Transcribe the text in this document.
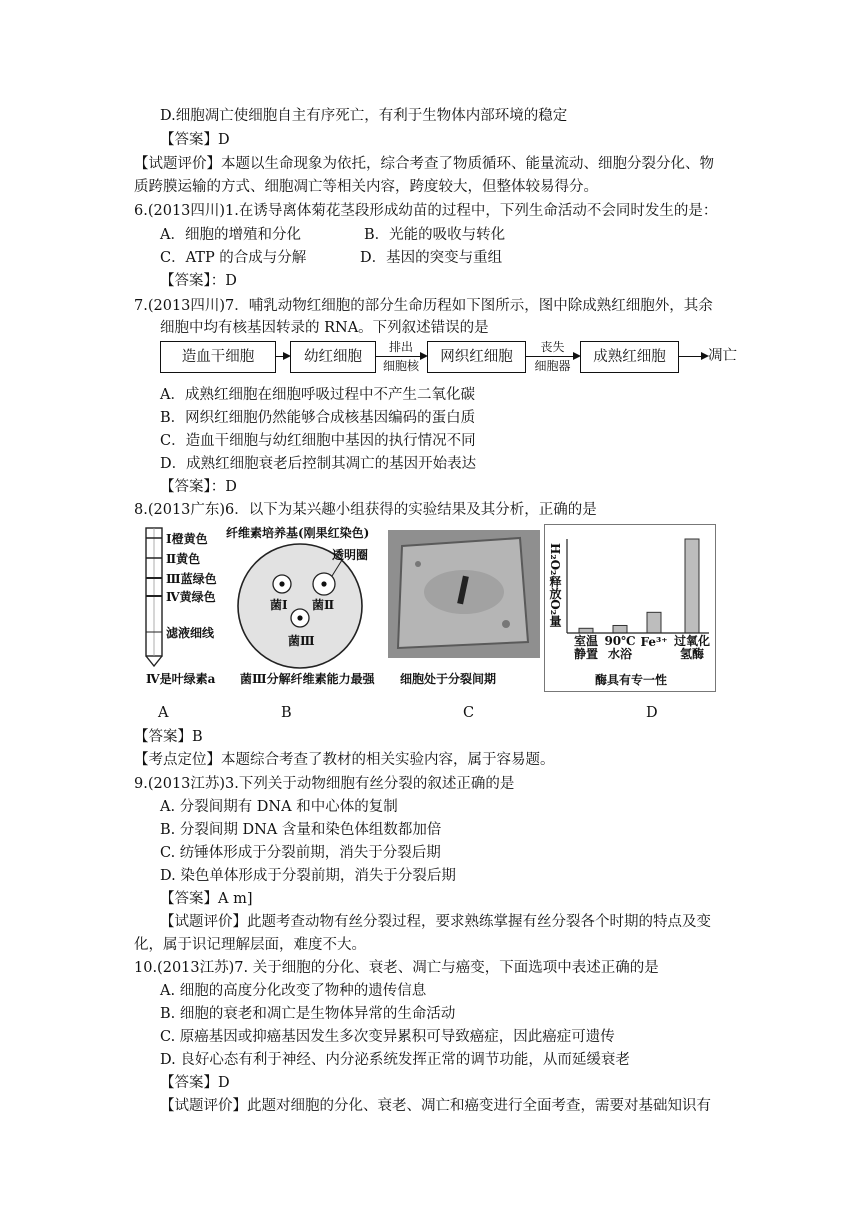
D.细胞凋亡使细胞自主有序死亡，有利于生物体内部环境的稳定
【答案】D
【试题评价】本题以生命现象为依托，综合考查了物质循环、能量流动、细胞分裂分化、物
质跨膜运输的方式、细胞凋亡等相关内容，跨度较大，但整体较易得分。
6.(2013四川)1.在诱导离体菊花茎段形成幼苗的过程中，下列生命活动不会同时发生的是：
A．细胞的增殖和分化	B．光能的吸收与转化
C．ATP 的合成与分解	D．基因的突变与重组
【答案】：D
7.(2013四川)7．哺乳动物红细胞的部分生命历程如下图所示，图中除成熟红细胞外，其余
细胞中均有核基因转录的 RNA。下列叙述错误的是
造血干细胞	幼红细胞
排出
细胞核
网织红细胞
丧失
细胞器
成熟红细胞	凋亡
A．成熟红细胞在细胞呼吸过程中不产生二氧化碳
B．网织红细胞仍然能够合成核基因编码的蛋白质
C．造血干细胞与幼红细胞中基因的执行情况不同
D．成熟红细胞衰老后控制其凋亡的基因开始表达
【答案】：D
8.(2013广东)6．以下为某兴趣小组获得的实验结果及其分析，正确的是
Ⅰ橙黄色
Ⅱ黄色
Ⅲ蓝绿色
Ⅳ黄绿色
滤液细线
Ⅳ是叶绿素a
纤维素培养基(刚果红染色)
透明圈
菌Ⅰ 菌Ⅱ
菌Ⅲ
菌Ⅲ分解纤维素能力最强 细胞处于分裂间期
H₂O₂释放O₂量
室温静置
90℃水浴
Fe³⁺ 过氧化氢酶
酶具有专一性
A	B	C	D
【答案】B
【考点定位】本题综合考查了教材的相关实验内容，属于容易题。
9.(2013江苏)3.下列关于动物细胞有丝分裂的叙述正确的是
A. 分裂间期有 DNA 和中心体的复制
B. 分裂间期 DNA 含量和染色体组数都加倍
C. 纺锤体形成于分裂前期，消失于分裂后期
D. 染色单体形成于分裂前期，消失于分裂后期
【答案】A m]
【试题评价】此题考查动物有丝分裂过程，要求熟练掌握有丝分裂各个时期的特点及变
化，属于识记理解层面，难度不大。
10.(2013江苏)7. 关于细胞的分化、衰老、凋亡与癌变，下面选项中表述正确的是
A. 细胞的高度分化改变了物种的遗传信息
B. 细胞的衰老和凋亡是生物体异常的生命活动
C. 原癌基因或抑癌基因发生多次变异累积可导致癌症，因此癌症可遗传
D. 良好心态有利于神经、内分泌系统发挥正常的调节功能，从而延缓衰老
【答案】D
【试题评价】此题对细胞的分化、衰老、凋亡和癌变进行全面考查，需要对基础知识有
